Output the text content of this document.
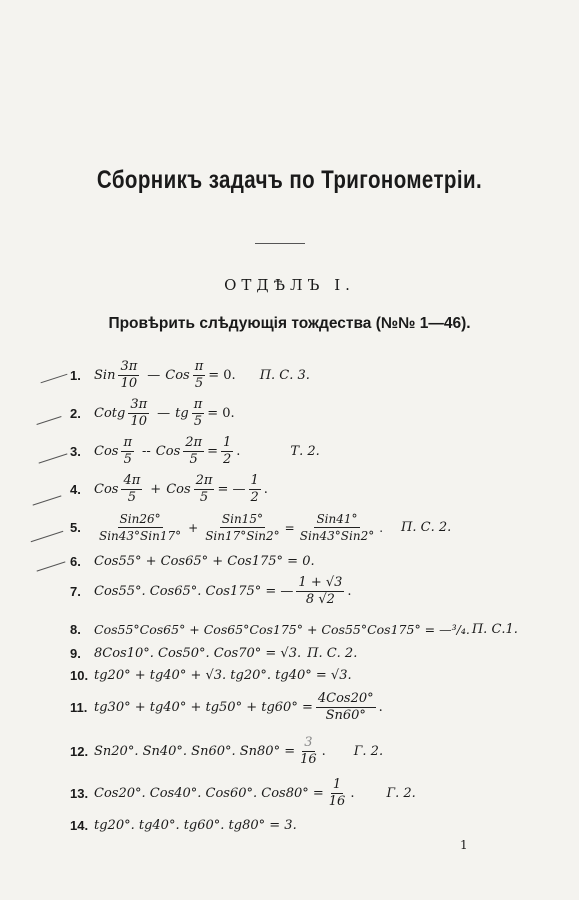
Сборникъ задачъ по Тригонометрiи.
ОТДѢЛЪ I.
Провѣрить слѣдующiя тождества (№№ 1—46).
1.	Sin $\frac{3\pi}{10}$ — Cos $\frac{\pi}{5} = 0$. П. С. 3.
2.	Cotg $\frac{3\pi}{10}$ — tg $\frac{\pi}{5} = 0$.
3.	Cos $\frac{\pi}{5}$ -- Cos $\frac{2\pi}{5} = \frac{1}{2}$ .	Т. 2.
4.	Cos $\frac{4\pi}{5}$ + Cos $\frac{2\pi}{5}$ = — $\frac{1}{2}$ .
5.	$\frac{\text{Sin26°}}{\text{Sin43°Sin17°}} + \frac{\text{Sin15°}}{\text{Sin17°Sin2°}} = \frac{\text{Sin41°}}{\text{Sin43°Sin2°}}$ . П. С. 2.
6.	Cos55° + Cos65° + Cos175° = 0.
7.	Cos55°. Cos65°. Cos175° = — $\frac{1 + √3}{8 √2}$ .
8.	Cos55°Cos65° + Cos65°Cos175° + Cos55°Cos175° = —³/₄. П. С.1.
9.	8Cos10°. Cos50°. Cos70° = √3. П. С. 2.
10. tg20° + tg40° + √3. tg20°. tg40° = √3.
11. $tg30^\circ + tg40^\circ + tg50^\circ + tg60^\circ = \frac{\text{4Cos20°}}{Sn60^\circ}$ .
12. Sn20°. Sn40°. Sn60°. $Sn80^\circ = \frac{3}{16}$ . Г. 2.
13. Cos20°. Cos40°. Cos60°. $Cos80^\circ = \frac{1}{16}$ . Г. 2.
14. tg20°. tg40°. tg60°. tg80° = 3.
1
